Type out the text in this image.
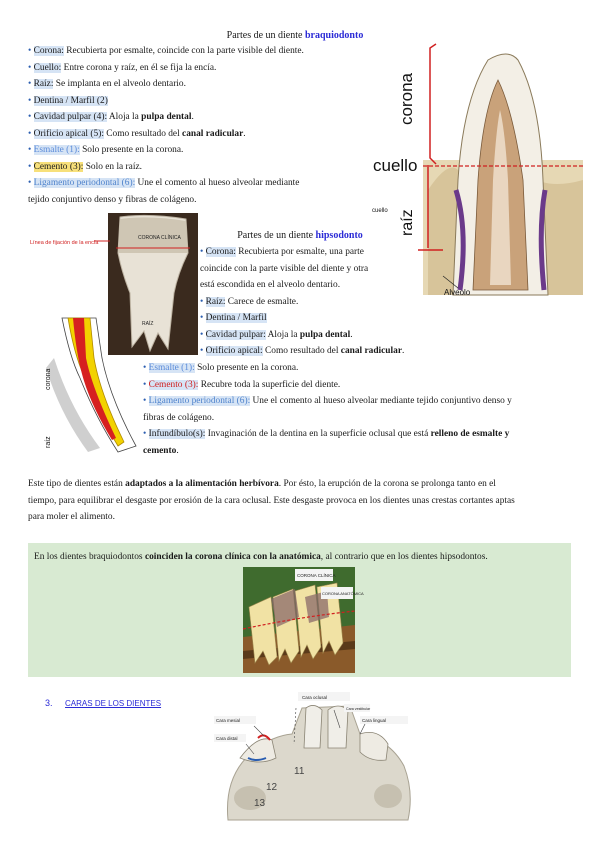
Partes de un diente braquiodonto
• Corona: Recubierta por esmalte, coincide con la parte visible del diente.
• Cuello: Entre corona y raíz, en él se fija la encía.
• Raíz: Se implanta en el alveolo dentario.
• Dentina / Marfil (2)
• Cavidad pulpar (4): Aloja la pulpa dental.
• Orificio apical (5): Como resultado del canal radicular.
• Esmalte (1): Solo presente en la corona.
• Cemento (3): Solo en la raíz.
• Ligamento periodontal (6): Une el comento al hueso alveolar mediante
tejido conjuntivo denso y fibras de colágeno.
corona
cuello
raíz
Alveolo
cuello
Línea de fijación de la encía
CORONA CLÍNICA
RAÍZ
Partes de un diente hipsodonto
• Corona: Recubierta por esmalte, una parte
coincide con la parte visible del diente y otra
está escondida en el alveolo dentario.
• Raíz: Carece de esmalte.
• Dentina / Marfil
• Cavidad pulpar: Aloja la pulpa dental.
• Orificio apical: Como resultado del canal radicular.
corona
raíz
• Esmalte (1): Solo presente en la corona.
• Cemento (3): Recubre toda la superficie del diente.
• Ligamento periodontal (6): Une el comento al hueso alveolar mediante tejido conjuntivo denso y
fibras de colágeno.
• Infundíbulo(s): Invaginación de la dentina en la superficie oclusal que está relleno de esmalte y
cemento.
Este tipo de dientes están adaptados a la alimentación herbívora. Por ésto, la erupción de la corona se prolonga tanto en el
tiempo, para equilibrar el desgaste por erosión de la cara oclusal. Este desgaste provoca en los dientes unas crestas cortantes aptas
para moler el alimento.
En los dientes braquiodontos coinciden la corona clínica con la anatómica, al contrario que en los dientes hipsodontos.
CORONA CLÍNICA
CORONA ANATÓMICA
3. CARAS DE LOS DIENTES
Cara oclusal
Cara vestibular
Cara lingual
Cara mesial
Cara distal
11
12
13
